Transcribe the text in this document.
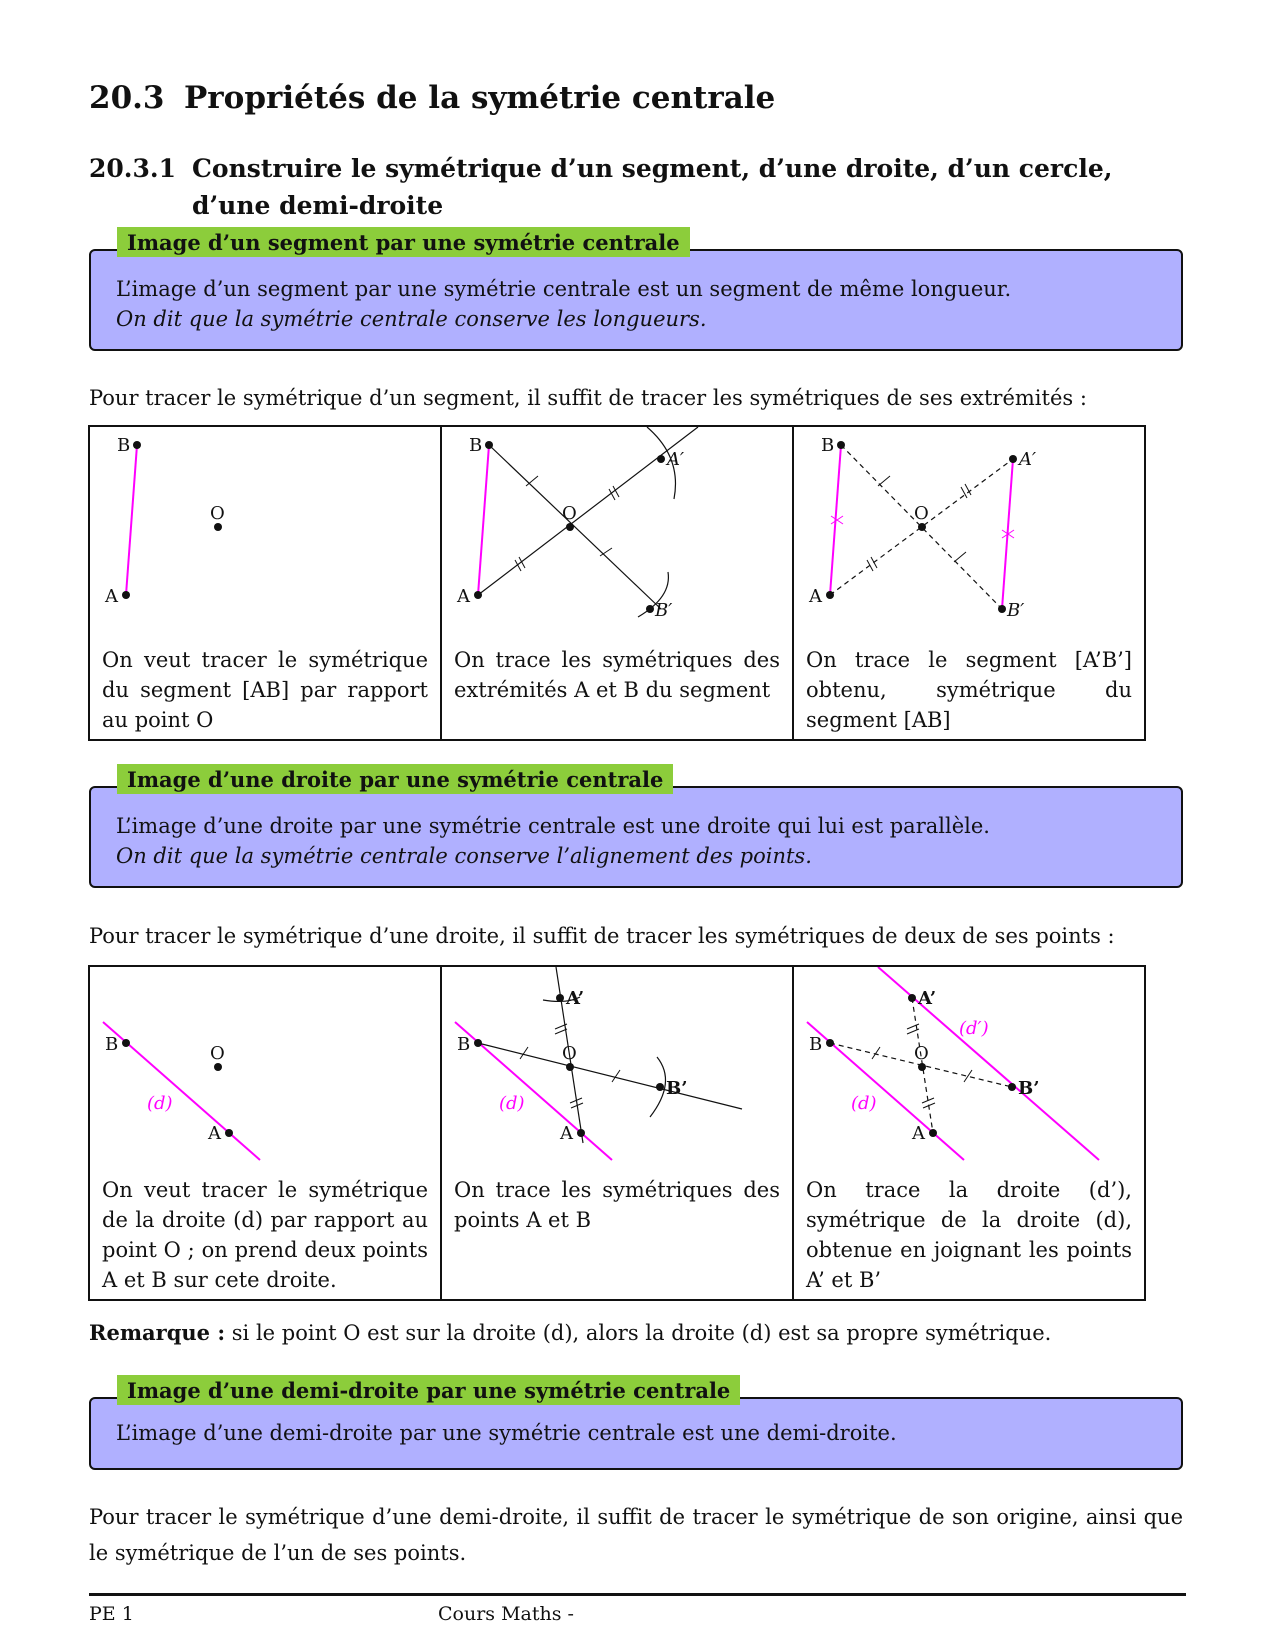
20.3 Propriétés de la symétrie centrale
20.3.1 Construire le symétrique d’un segment, d’une droite, d’un cercle, d’une demi-droite
L’image d’un segment par une symétrie centrale est un segment de même longueur.
On dit que la symétrie centrale conserve les longueurs.
Image d’un segment par une symétrie centrale
Pour tracer le symétrique d’un segment, il suffit de tracer les symétriques de ses extrémités :
B
A
O
On veut tracer le symétrique du segment [AB] par rapport au point O

B
A
O
A′
B′
On trace les symétriques des extrémités A et B du segment

B
A
O
A′
B′
On trace le segment [A’B’] obtenu, symétrique du segment [AB]
L’image d’une droite par une symétrie centrale est une droite qui lui est parallèle.
On dit que la symétrie centrale conserve l’alignement des points.
Image d’une droite par une symétrie centrale
Pour tracer le symétrique d’une droite, il suffit de tracer les symétriques de deux de ses points :
B
A
O
(d)
On veut tracer le symétrique de la droite (d) par rapport au point O ; on prend deux points A et B sur cete droite.

B
A
O
A’
B’
(d)
On trace les symétriques des points A et B

B
A
O
A’
B’
(d)
(d′)
On trace la droite (d’), symétrique de la droite (d), obtenue en joignant les points A’ et B’
Remarque : si le point O est sur la droite (d), alors la droite (d) est sa propre symétrique.
L’image d’une demi-droite par une symétrie centrale est une demi-droite.
Image d’une demi-droite par une symétrie centrale
Pour tracer le symétrique d’une demi-droite, il suffit de tracer le symétrique de son origine, ainsi que le symétrique de l’un de ses points.
PE 1	Cours Maths -
